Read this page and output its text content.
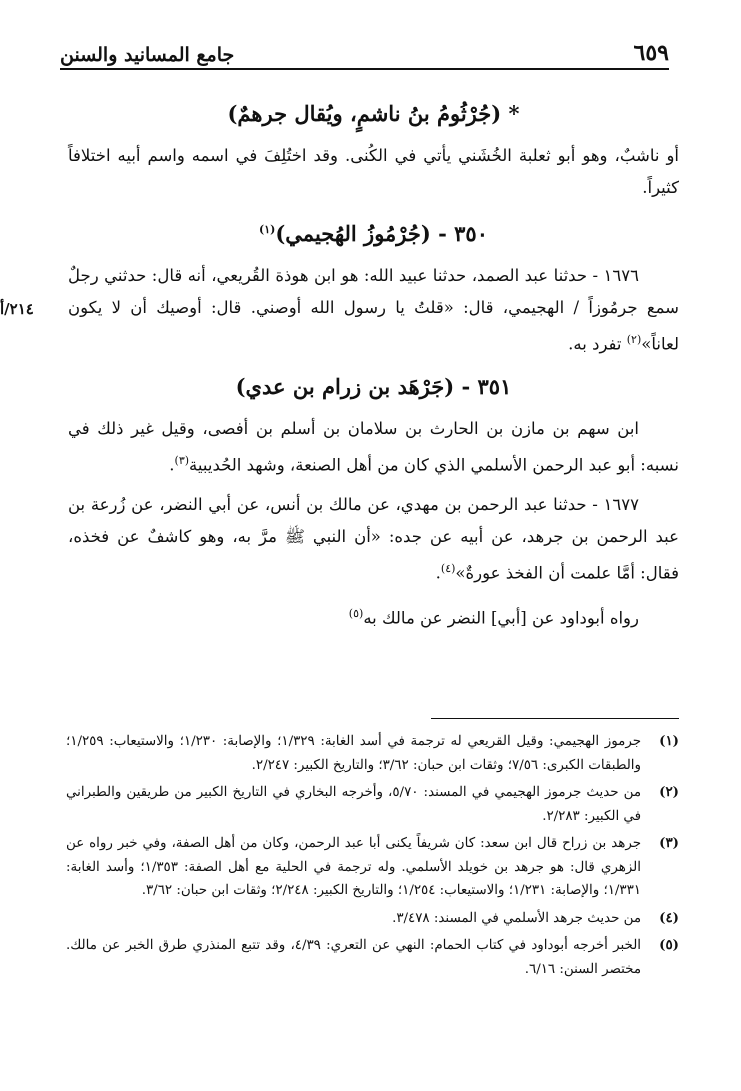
٦٥٩
جامع المسانيد والسنن
٢١٤/أ
* (جُرْثُومُ بنُ ناشمٍ، ويُقال جرهمٌ)

أو ناشبٌ، وهو أبو ثعلبة الخُشَني يأتي في الكُنى. وقد اختُلِفَ في اسمه واسم أبيه اختلافاً كثيراً.

٣٥٠ - (جُرْمُوزُ الهُجيمي)$^{(١)}$

١٦٧٦ - حدثنا عبد الصمد، حدثنا عبيد الله: هو ابن هوذة القُريعي، أنه قال: حدثني رجلٌ سمع جرمُوزاً / الهجيمي، قال: «قلتُ يا رسول الله أوصني. قال: أوصيك أن لا يكون لعاناً»$^{(٢)}$ تفرد به.

٣٥١ - (جَرْهَد بن زرام بن عدي)

ابن سهم بن مازن بن الحارث بن سلامان بن أسلم بن أفصى، وقيل غير ذلك في نسبه: أبو عبد الرحمن الأسلمي الذي كان من أهل الصنعة، وشهد الحُديبية$^{(٣)}$.

١٦٧٧ - حدثنا عبد الرحمن بن مهدي، عن مالك بن أنس، عن أبي النضر، عن زُرعة بن عبد الرحمن بن جرهد، عن أبيه عن جده: «أن النبي ﷺ مرَّ به، وهو كاشفٌ عن فخذه، فقال: أمَّا علمت أن الفخذ عورةٌ»$^{(٤)}$.

رواه أبوداود عن [أبي] النضر عن مالك به$^{(٥)}$

(١)
جرموز الهجيمي: وقيل القريعي له ترجمة في أسد الغابة: ١/٣٢٩؛ والإصابة: ١/٢٣٠؛ والاستيعاب: ١/٢٥٩؛ والطبقات الكبرى: ٧/٥٦؛ وثقات ابن حبان: ٣/٦٢؛ والتاريخ الكبير: ٢/٢٤٧.
(٢)
من حديث جرموز الهجيمي في المسند: ٥/٧٠، وأخرجه البخاري في التاريخ الكبير من طريقين والطبراني في الكبير: ٢/٢٨٣.
(٣)
جرهد بن زراح قال ابن سعد: كان شريفاً يكنى أبا عبد الرحمن، وكان من أهل الصفة، وفي خبر رواه عن الزهري قال: هو جرهد بن خويلد الأسلمي. وله ترجمة في الحلية مع أهل الصفة: ١/٣٥٣؛ وأسد الغابة: ١/٣٣١؛ والإصابة: ١/٢٣١؛ والاستيعاب: ١/٢٥٤؛ والتاريخ الكبير: ٢/٢٤٨؛ وثقات ابن حبان: ٣/٦٢.
(٤)
من حديث جرهد الأسلمي في المسند: ٣/٤٧٨.
(٥)
الخبر أخرجه أبوداود في كتاب الحمام: النهي عن التعري: ٤/٣٩، وقد تتبع المنذري طرق الخبر عن مالك. مختصر السنن: ٦/١٦.
